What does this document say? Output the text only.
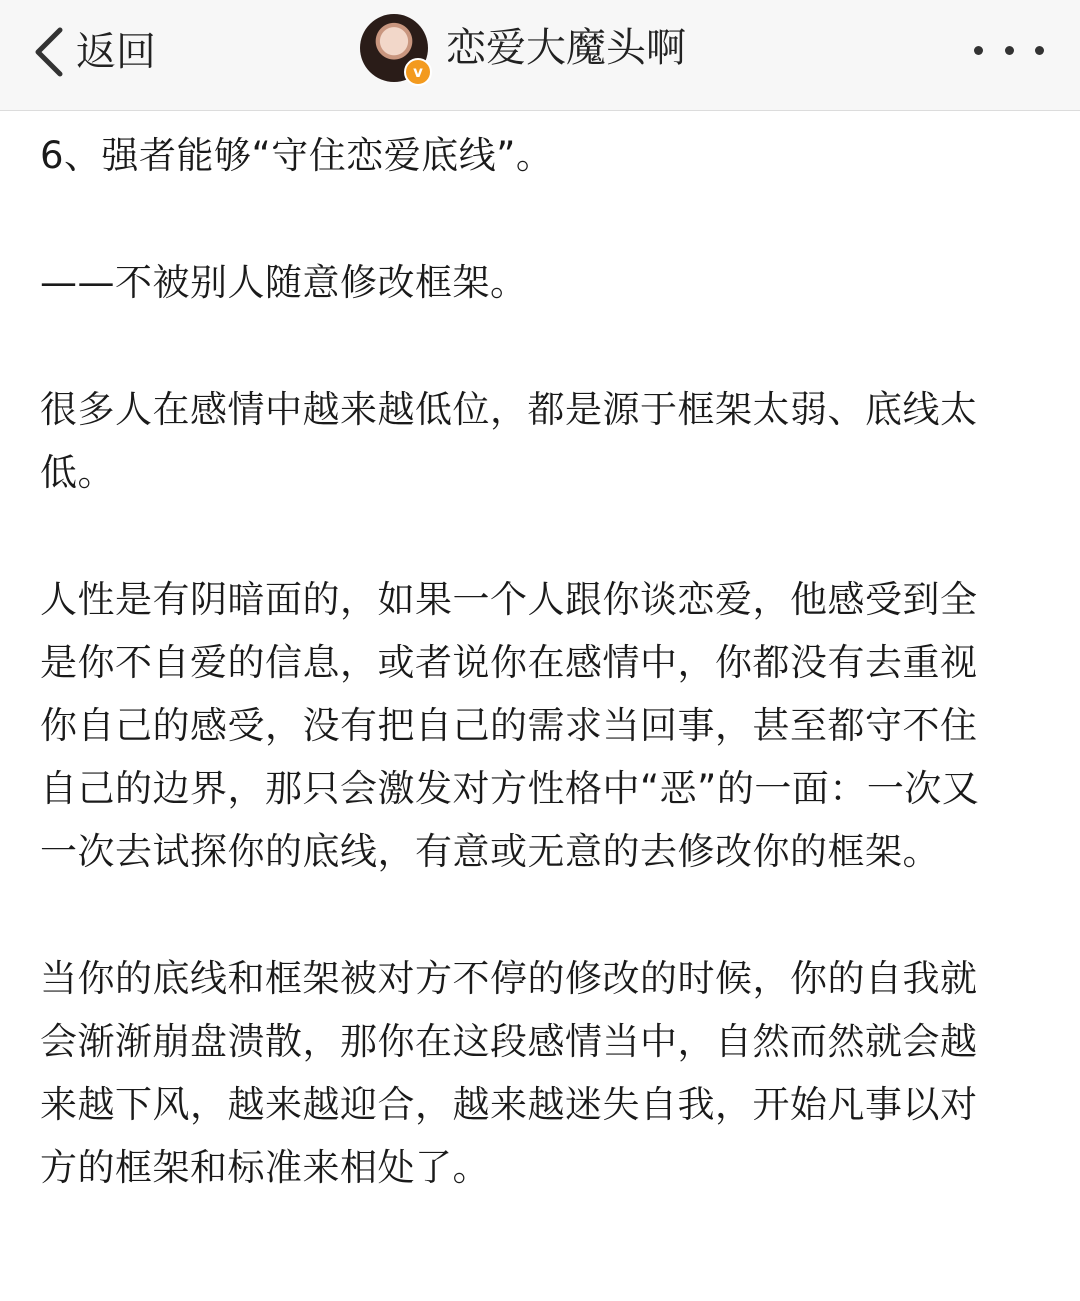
返回	v
恋爱大魔头啊

6、强者能够“守住恋爱底线”。

——不被别人随意修改框架。

很多人在感情中越来越低位，都是源于框架太弱、底线太低。

人性是有阴暗面的，如果一个人跟你谈恋爱，他感受到全是你不自爱的信息，或者说你在感情中，你都没有去重视你自己的感受，没有把自己的需求当回事，甚至都守不住自己的边界，那只会激发对方性格中“恶”的一面：一次又一次去试探你的底线，有意或无意的去修改你的框架。

当你的底线和框架被对方不停的修改的时候，你的自我就会渐渐崩盘溃散，那你在这段感情当中，自然而然就会越来越下风，越来越迎合，越来越迷失自我，开始凡事以对方的框架和标准来相处了。
